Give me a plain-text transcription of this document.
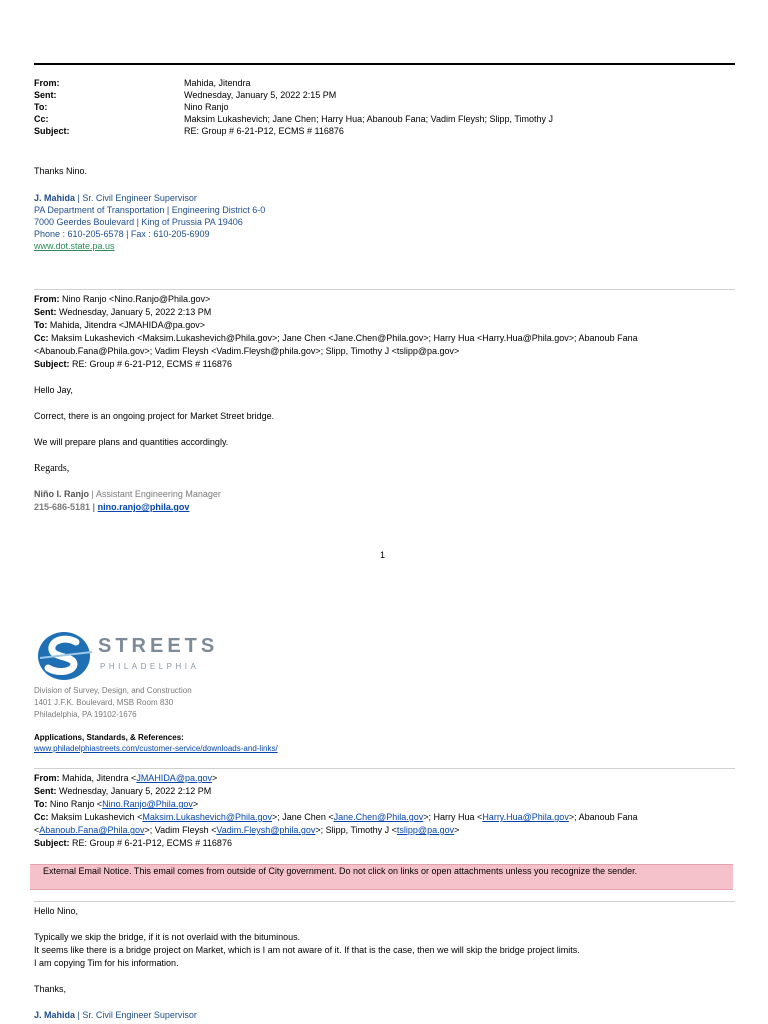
From:	Mahida, Jitendra
Sent:	Wednesday, January 5, 2022 2:15 PM
To:	Nino Ranjo
Cc:	Maksim Lukashevich; Jane Chen; Harry Hua; Abanoub Fana; Vadim Fleysh; Slipp, Timothy J
Subject:	RE: Group # 6-21-P12, ECMS # 116876
Thanks Nino.
J. Mahida | Sr. Civil Engineer Supervisor
PA Department of Transportation | Engineering District 6-0
7000 Geerdes Boulevard | King of Prussia PA 19406
Phone : 610-205-6578 | Fax : 610-205-6909
www.dot.state.pa.us
From: Nino Ranjo <Nino.Ranjo@Phila.gov>
Sent: Wednesday, January 5, 2022 2:13 PM
To: Mahida, Jitendra <JMAHIDA@pa.gov>
Cc: Maksim Lukashevich <Maksim.Lukashevich@Phila.gov>; Jane Chen <Jane.Chen@Phila.gov>; Harry Hua <Harry.Hua@Phila.gov>; Abanoub Fana
<Abanoub.Fana@Phila.gov>; Vadim Fleysh <Vadim.Fleysh@phila.gov>; Slipp, Timothy J <tslipp@pa.gov>
Subject: RE: Group # 6-21-P12, ECMS # 116876
Hello Jay,
Correct, there is an ongoing project for Market Street bridge.
We will prepare plans and quantities accordingly.
Regards,
Niño I. Ranjo | Assistant Engineering Manager
215-686-5181 | nino.ranjo@phila.gov
1
STREETS
PHILADELPHIA
Division of Survey, Design, and Construction
1401 J.F.K. Boulevard, MSB Room 830
Philadelphia, PA 19102-1676
Applications, Standards, & References:
www.philadelphiastreets.com/customer-service/downloads-and-links/
From: Mahida, Jitendra <JMAHIDA@pa.gov>
Sent: Wednesday, January 5, 2022 2:12 PM
To: Nino Ranjo <Nino.Ranjo@Phila.gov>
Cc: Maksim Lukashevich <Maksim.Lukashevich@Phila.gov>; Jane Chen <Jane.Chen@Phila.gov>; Harry Hua <Harry.Hua@Phila.gov>; Abanoub Fana
<Abanoub.Fana@Phila.gov>; Vadim Fleysh <Vadim.Fleysh@phila.gov>; Slipp, Timothy J <tslipp@pa.gov>
Subject: RE: Group # 6-21-P12, ECMS # 116876
External Email Notice. This email comes from outside of City government. Do not click on links or open attachments unless you recognize the sender.
Hello Nino,
Typically we skip the bridge, if it is not overlaid with the bituminous.
It seems like there is a bridge project on Market, which is I am not aware of it. If that is the case, then we will skip the bridge project limits.
I am copying Tim for his information.
Thanks,
J. Mahida | Sr. Civil Engineer Supervisor
